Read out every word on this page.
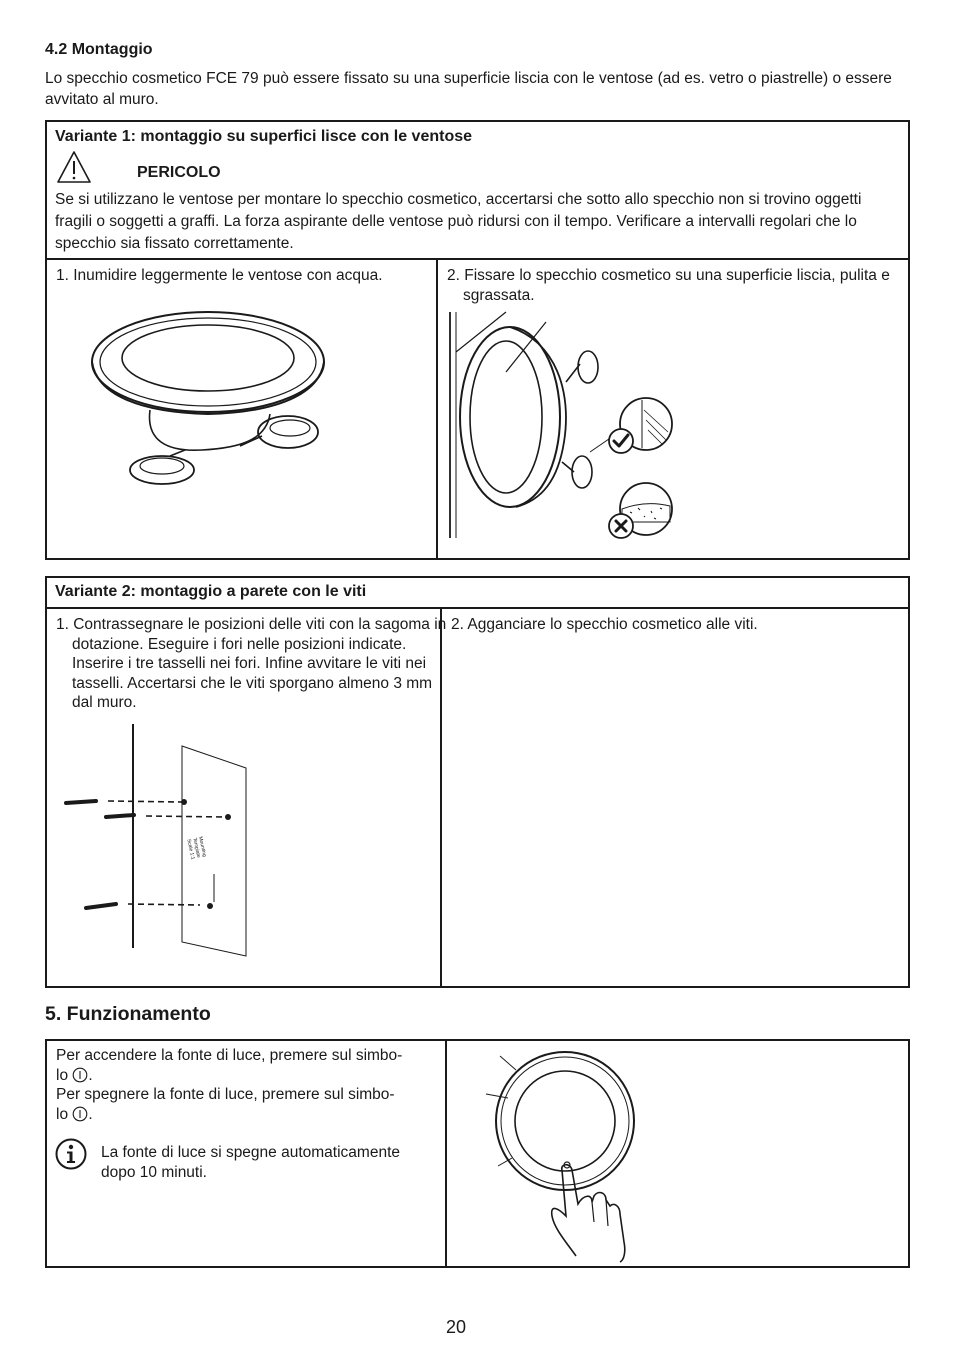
4.2 Montaggio
Lo specchio cosmetico FCE 79 può essere fissato su una superficie liscia con le ventose (ad es. vetro o piastrelle) o essere avvitato al muro.
Variante 1: montaggio su superfici lisce con le ventose
PERICOLO
Se si utilizzano le ventose per montare lo specchio cosmetico, accertarsi che sotto allo specchio non si trovino oggetti fragili o soggetti a graffi. La forza aspirante delle ventose può ridursi con il tempo. Verificare a intervalli regolari che lo specchio sia fissato correttamente.
1. Inumidire leggermente le ventose con acqua.	2. Fissare lo specchio cosmetico su una superficie liscia, pulita e sgrassata.
Variante 2: montaggio a parete con le viti
1. Contrassegnare le posizioni delle viti con la sagoma in dotazione. Eseguire i fori nelle posizioni indicate. Inserire i tre tasselli nei fori. Infine avvitare le viti nei tasselli. Accertarsi che le viti sporgano almeno 3 mm dal muro.
2. Agganciare lo specchio cosmetico alle viti.
Mounting Template Scale 1:1
5. Funzionamento
Per accendere la fonte di luce, premere sul simbo-
lo .
Per spegnere la fonte di luce, premere sul simbo-
lo .
La fonte di luce si spegne automaticamente dopo 10 minuti.
20
